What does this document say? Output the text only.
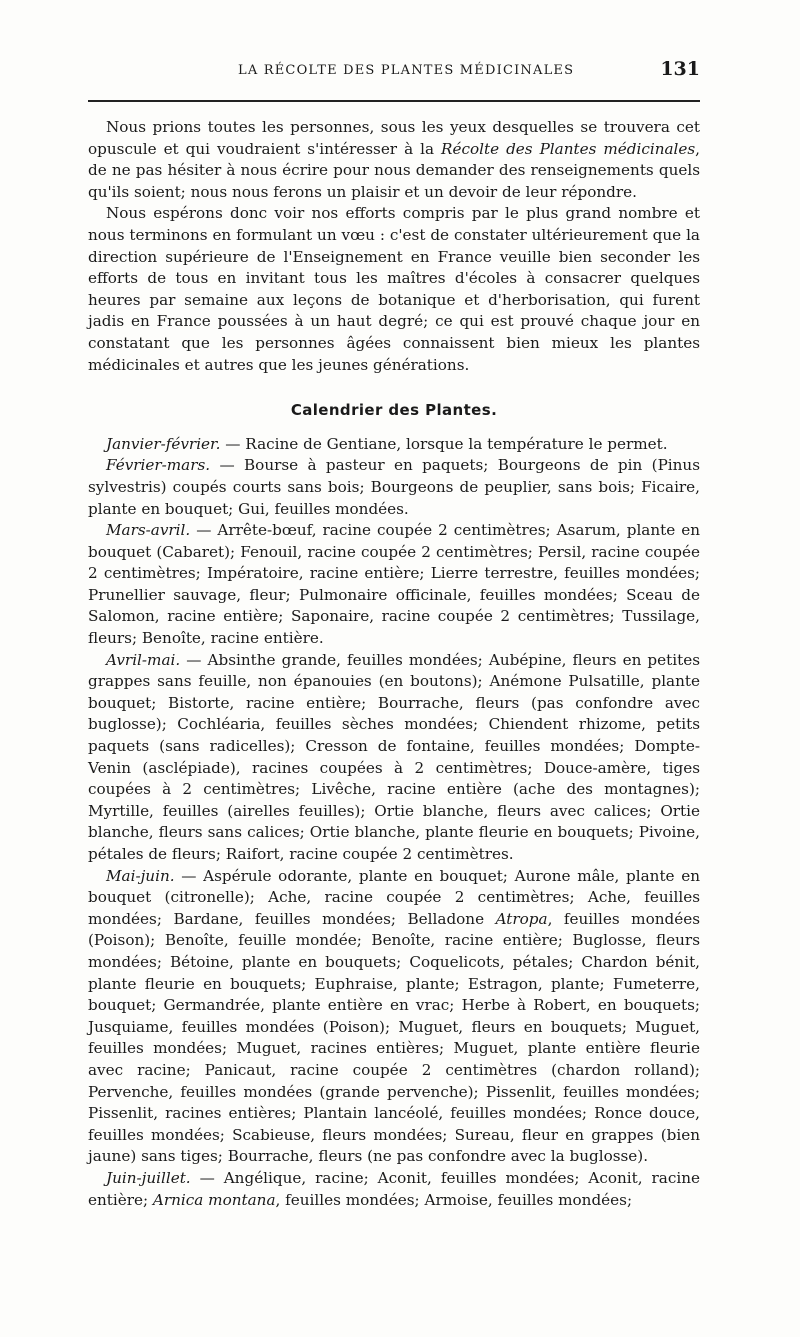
LA RÉCOLTE DES PLANTES MÉDICINALES	131

Nous prions toutes les personnes, sous les yeux desquelles se trouvera cet opuscule et qui voudraient s'intéresser à la Récolte des Plantes médicinales, de ne pas hésiter à nous écrire pour nous demander des renseignements quels qu'ils soient; nous nous ferons un plaisir et un devoir de leur répondre.

Nous espérons donc voir nos efforts compris par le plus grand nombre et nous terminons en formulant un vœu : c'est de constater ultérieurement que la direction supérieure de l'Enseignement en France veuille bien seconder les efforts de tous en invitant tous les maîtres d'écoles à consacrer quelques heures par semaine aux leçons de botanique et d'herborisation, qui furent jadis en France poussées à un haut degré; ce qui est prouvé chaque jour en constatant que les personnes âgées connaissent bien mieux les plantes médicinales et autres que les jeunes générations.

Calendrier des Plantes.

Janvier-février. — Racine de Gentiane, lorsque la température le permet.

Février-mars. — Bourse à pasteur en paquets; Bourgeons de pin (Pinus sylvestris) coupés courts sans bois; Bourgeons de peuplier, sans bois; Ficaire, plante en bouquet; Gui, feuilles mondées.

Mars-avril. — Arrête-bœuf, racine coupée 2 centimètres; Asarum, plante en bouquet (Cabaret); Fenouil, racine coupée 2 centimètres; Persil, racine coupée 2 centimètres; Impératoire, racine entière; Lierre terrestre, feuilles mondées; Prunellier sauvage, fleur; Pulmonaire officinale, feuilles mondées; Sceau de Salomon, racine entière; Saponaire, racine coupée 2 centimètres; Tussilage, fleurs; Benoîte, racine entière.

Avril-mai. — Absinthe grande, feuilles mondées; Aubépine, fleurs en petites grappes sans feuille, non épanouies (en boutons); Anémone Pulsatille, plante bouquet; Bistorte, racine entière; Bourrache, fleurs (pas confondre avec buglosse); Cochléaria, feuilles sèches mondées; Chiendent rhizome, petits paquets (sans radicelles); Cresson de fontaine, feuilles mondées; Dompte-Venin (asclépiade), racines coupées à 2 centimètres; Douce-amère, tiges coupées à 2 centimètres; Livêche, racine entière (ache des montagnes); Myrtille, feuilles (airelles feuilles); Ortie blanche, fleurs avec calices; Ortie blanche, fleurs sans calices; Ortie blanche, plante fleurie en bouquets; Pivoine, pétales de fleurs; Raifort, racine coupée 2 centimètres.

Mai-juin. — Aspérule odorante, plante en bouquet; Aurone mâle, plante en bouquet (citronelle); Ache, racine coupée 2 centimètres; Ache, feuilles mondées; Bardane, feuilles mondées; Belladone Atropa, feuilles mondées (Poison); Benoîte, feuille mondée; Benoîte, racine entière; Buglosse, fleurs mondées; Bétoine, plante en bouquets; Coquelicots, pétales; Chardon bénit, plante fleurie en bouquets; Euphraise, plante; Estragon, plante; Fumeterre, bouquet; Germandrée, plante entière en vrac; Herbe à Robert, en bouquets; Jusquiame, feuilles mondées (Poison); Muguet, fleurs en bouquets; Muguet, feuilles mondées; Muguet, racines entières; Muguet, plante entière fleurie avec racine; Panicaut, racine coupée 2 centimètres (chardon rolland); Pervenche, feuilles mondées (grande pervenche); Pissenlit, feuilles mondées; Pissenlit, racines entières; Plantain lancéolé, feuilles mondées; Ronce douce, feuilles mondées; Scabieuse, fleurs mondées; Sureau, fleur en grappes (bien jaune) sans tiges; Bourrache, fleurs (ne pas confondre avec la buglosse).

Juin-juillet. — Angélique, racine; Aconit, feuilles mondées; Aconit, racine entière; Arnica montana, feuilles mondées; Armoise, feuilles mondées;
